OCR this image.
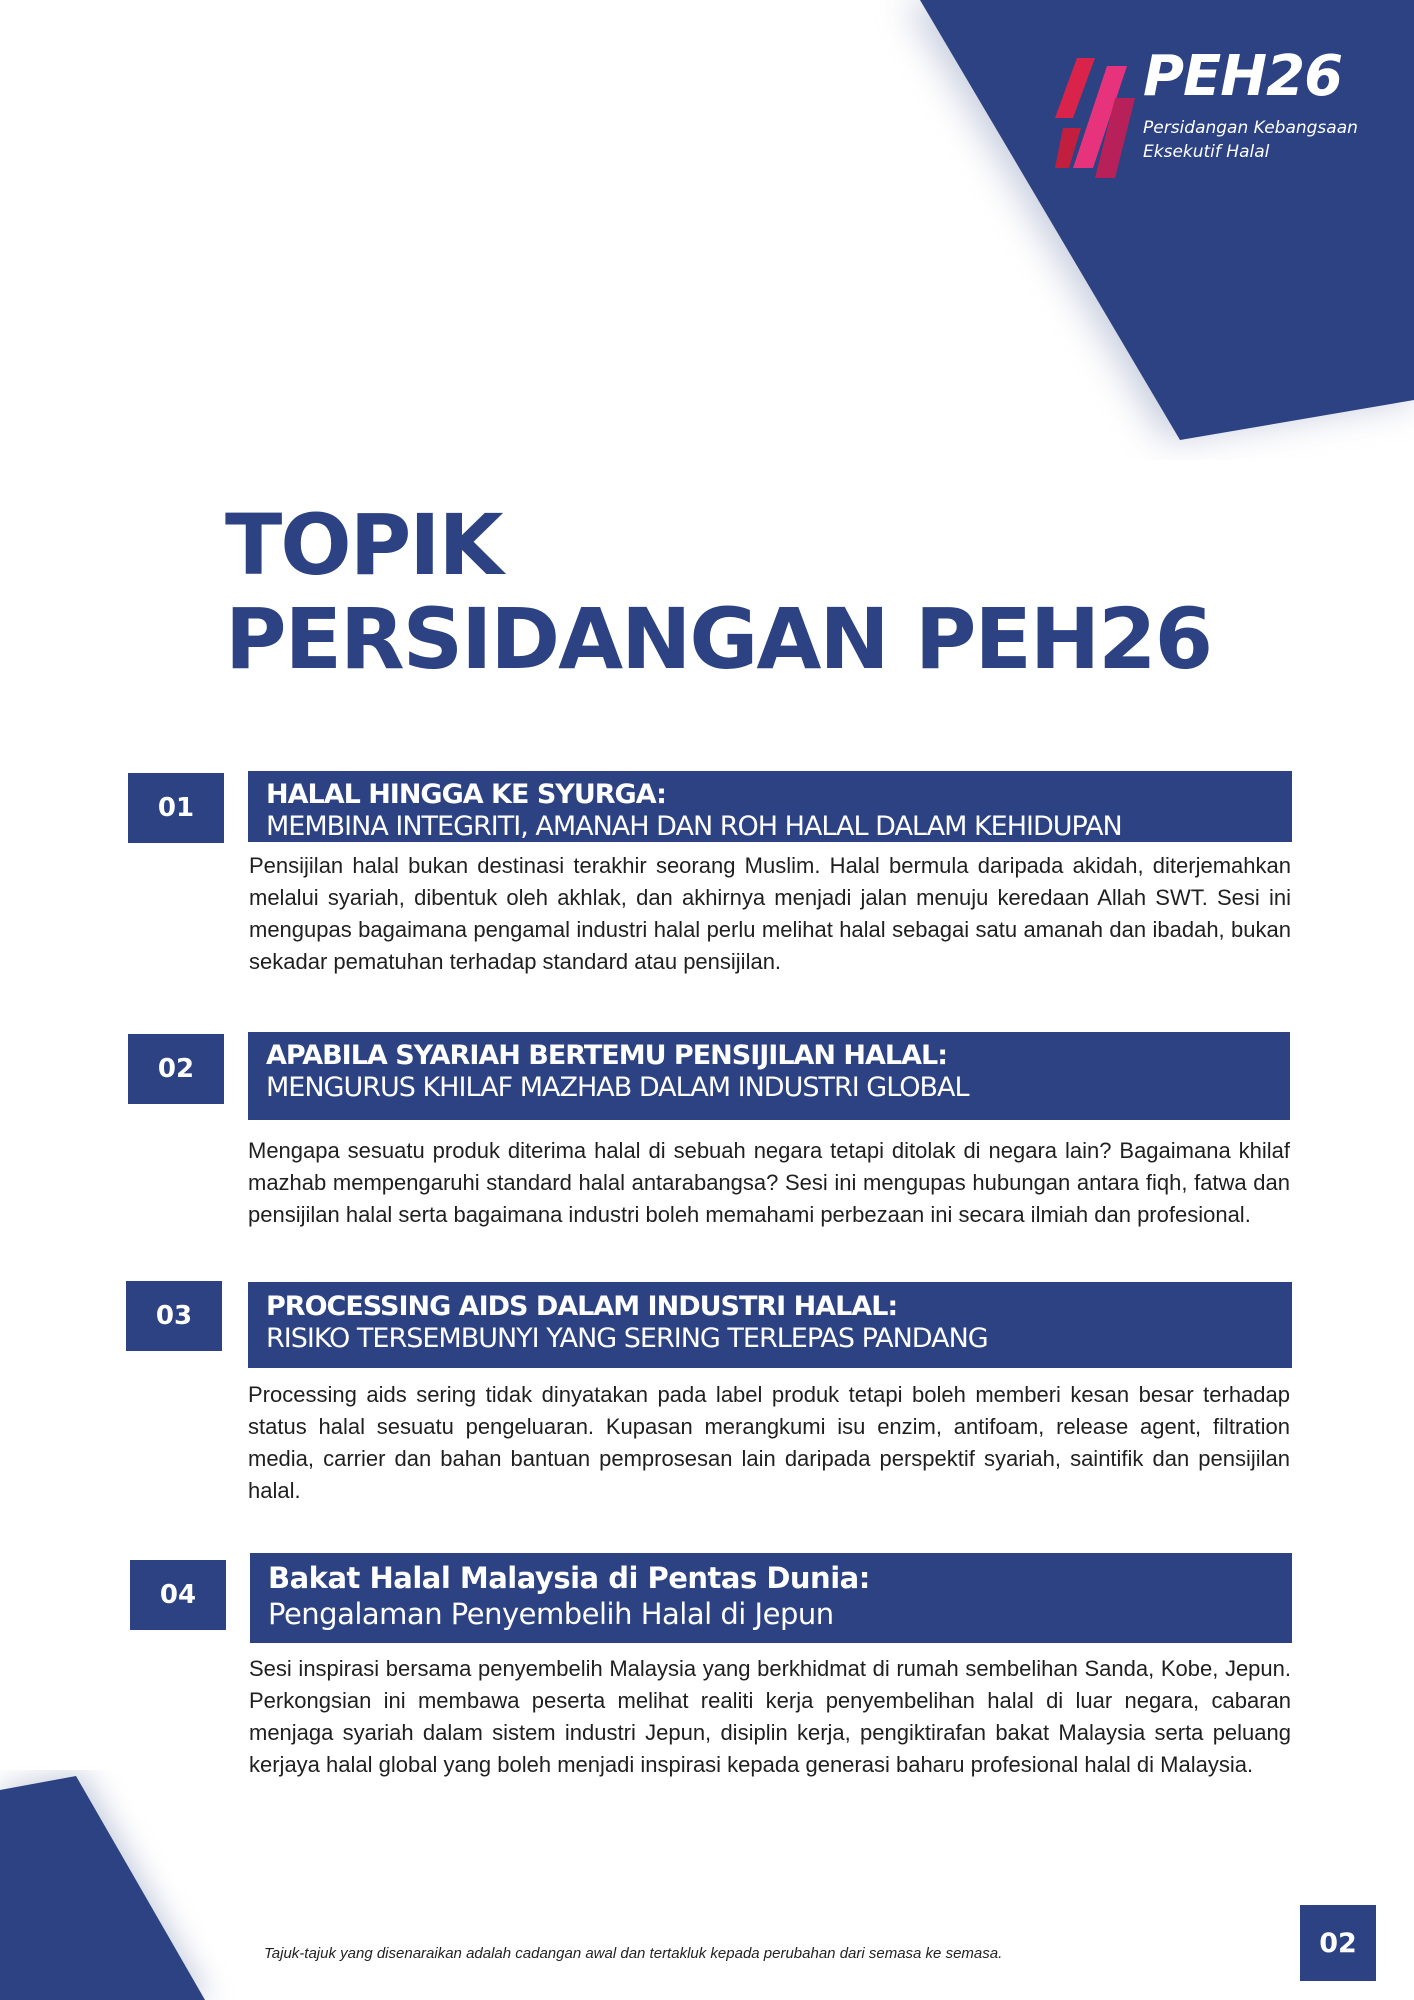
PEH26
Persidangan Kebangsaan
Eksekutif Halal
TOPIK
PERSIDANGAN PEH26
01	HALAL HINGGA KE SYURGA:
MEMBINA INTEGRITI, AMANAH DAN ROH HALAL DALAM KEHIDUPAN

Pensijilan halal bukan destinasi terakhir seorang Muslim. Halal bermula daripada akidah, diterjemahkan melalui syariah, dibentuk oleh akhlak, dan akhirnya menjadi jalan menuju keredaan Allah SWT. Sesi ini mengupas bagaimana pengamal industri halal perlu melihat halal sebagai satu amanah dan ibadah, bukan sekadar pematuhan terhadap standard atau pensijilan.

02	APABILA SYARIAH BERTEMU PENSIJILAN HALAL:
MENGURUS KHILAF MAZHAB DALAM INDUSTRI GLOBAL

Mengapa sesuatu produk diterima halal di sebuah negara tetapi ditolak di negara lain? Bagaimana khilaf mazhab mempengaruhi standard halal antarabangsa? Sesi ini mengupas hubungan antara fiqh, fatwa dan pensijilan halal serta bagaimana industri boleh memahami perbezaan ini secara ilmiah dan profesional.

03	PROCESSING AIDS DALAM INDUSTRI HALAL:
RISIKO TERSEMBUNYI YANG SERING TERLEPAS PANDANG

Processing aids sering tidak dinyatakan pada label produk tetapi boleh memberi kesan besar terhadap status halal sesuatu pengeluaran. Kupasan merangkumi isu enzim, antifoam, release agent, filtration media, carrier dan bahan bantuan pemprosesan lain daripada perspektif syariah, saintifik dan pensijilan halal.

04	Bakat Halal Malaysia di Pentas Dunia:
Pengalaman Penyembelih Halal di Jepun

Sesi inspirasi bersama penyembelih Malaysia yang berkhidmat di rumah sembelihan Sanda, Kobe, Jepun. Perkongsian ini membawa peserta melihat realiti kerja penyembelihan halal di luar negara, cabaran menjaga syariah dalam sistem industri Jepun, disiplin kerja, pengiktirafan bakat Malaysia serta peluang kerjaya halal global yang boleh menjadi inspirasi kepada generasi baharu profesional halal di Malaysia.

Tajuk-tajuk yang disenaraikan adalah cadangan awal dan tertakluk kepada perubahan dari semasa ke semasa.	02
